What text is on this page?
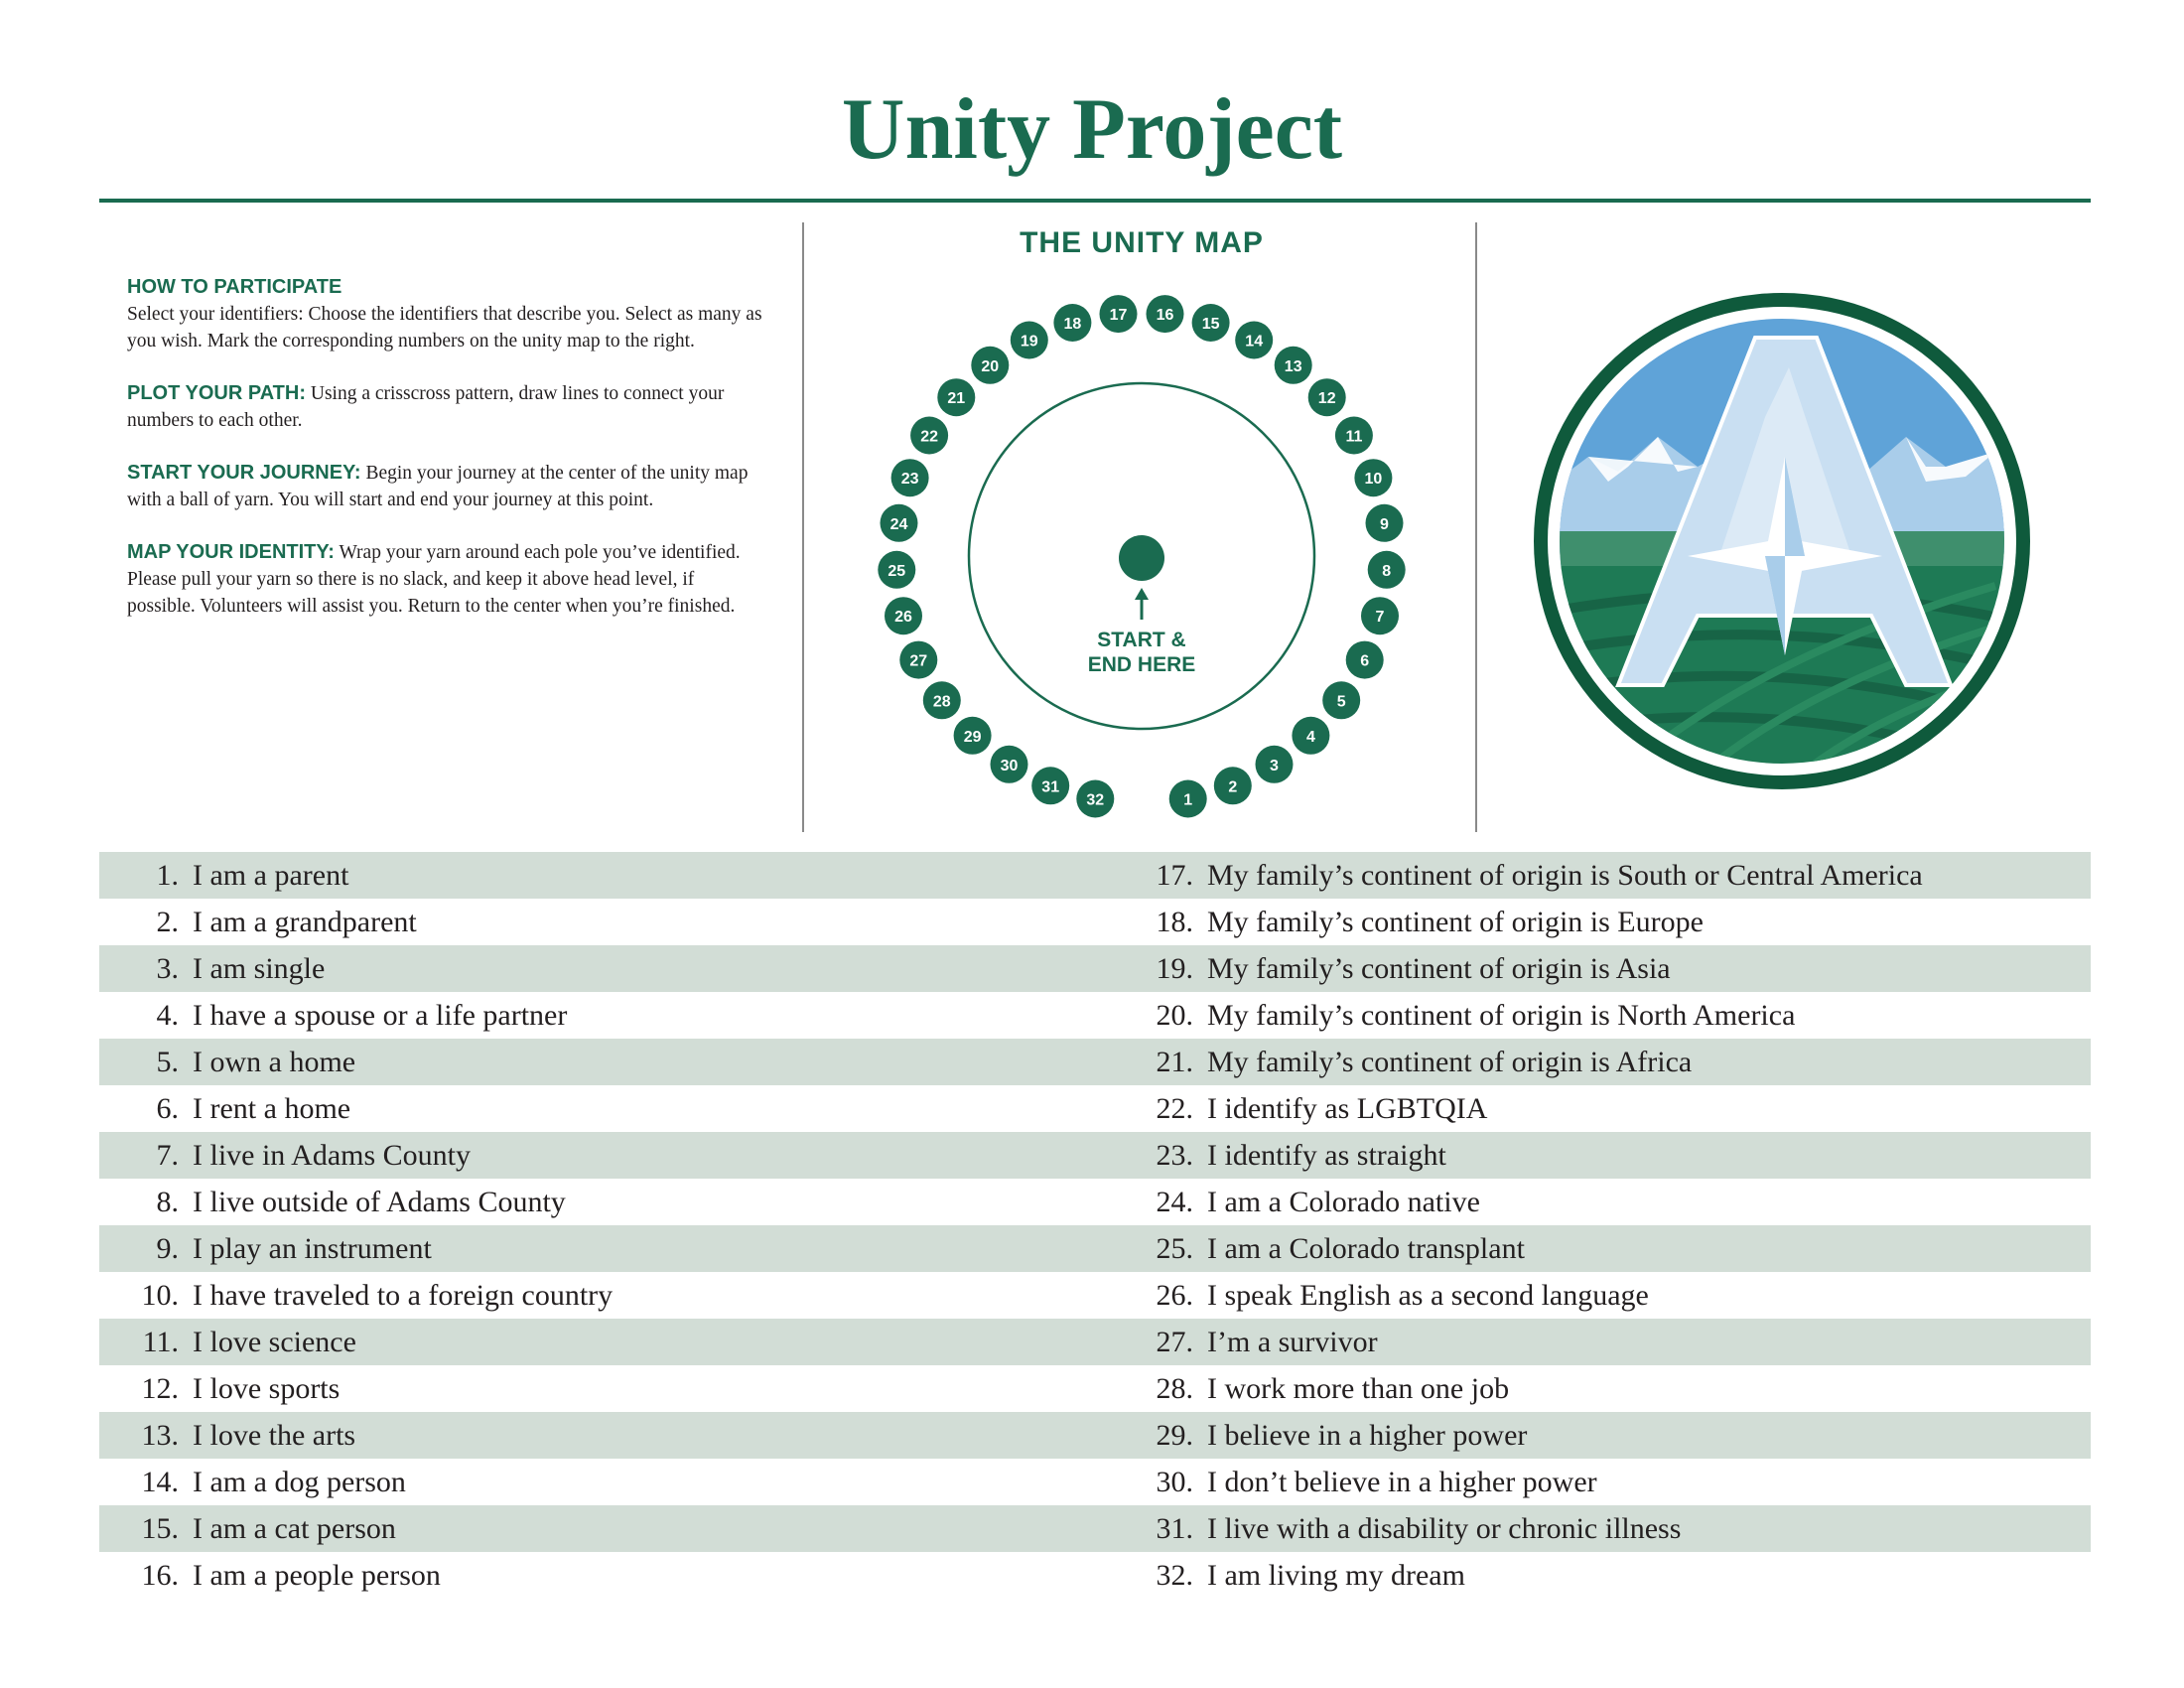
Unity Project

HOW TO PARTICIPATE
Select your identifiers: Choose the identifiers that describe you. Select as many as you wish. Mark the corresponding numbers on the unity map to the right.

PLOT YOUR PATH: Using a crisscross pattern, draw lines to connect your numbers to each other.

START YOUR JOURNEY: Begin your journey at the center of the unity map with a ball of yarn. You will start and end your journey at this point.

MAP YOUR IDENTITY: Wrap your yarn around each pole you’ve identified. Please pull your yarn so there is no slack, and keep it above head level, if possible. Volunteers will assist you. Return to the center when you’re finished.

THE UNITY MAP
START &
END HERE
1
2
3
4
5
6
7
8
9
10
11
12
13
14
15
16
17
18
19
20
21
22
23
24
25
26
27
28
29
30
31
32
1. I am a parent
2. I am a grandparent
3. I am single
4. I have a spouse or a life partner
5. I own a home
6. I rent a home
7. I live in Adams County
8. I live outside of Adams County
9. I play an instrument
10. I have traveled to a foreign country
11. I love science
12. I love sports
13. I love the arts
14. I am a dog person
15. I am a cat person
16. I am a people person
17. My family’s continent of origin is South or Central America
18. My family’s continent of origin is Europe
19. My family’s continent of origin is Asia
20. My family’s continent of origin is North America
21. My family’s continent of origin is Africa
22. I identify as LGBTQIA
23. I identify as straight
24. I am a Colorado native
25. I am a Colorado transplant
26. I speak English as a second language
27. I’m a survivor
28. I work more than one job
29. I believe in a higher power
30. I don’t believe in a higher power
31. I live with a disability or chronic illness
32. I am living my dream
